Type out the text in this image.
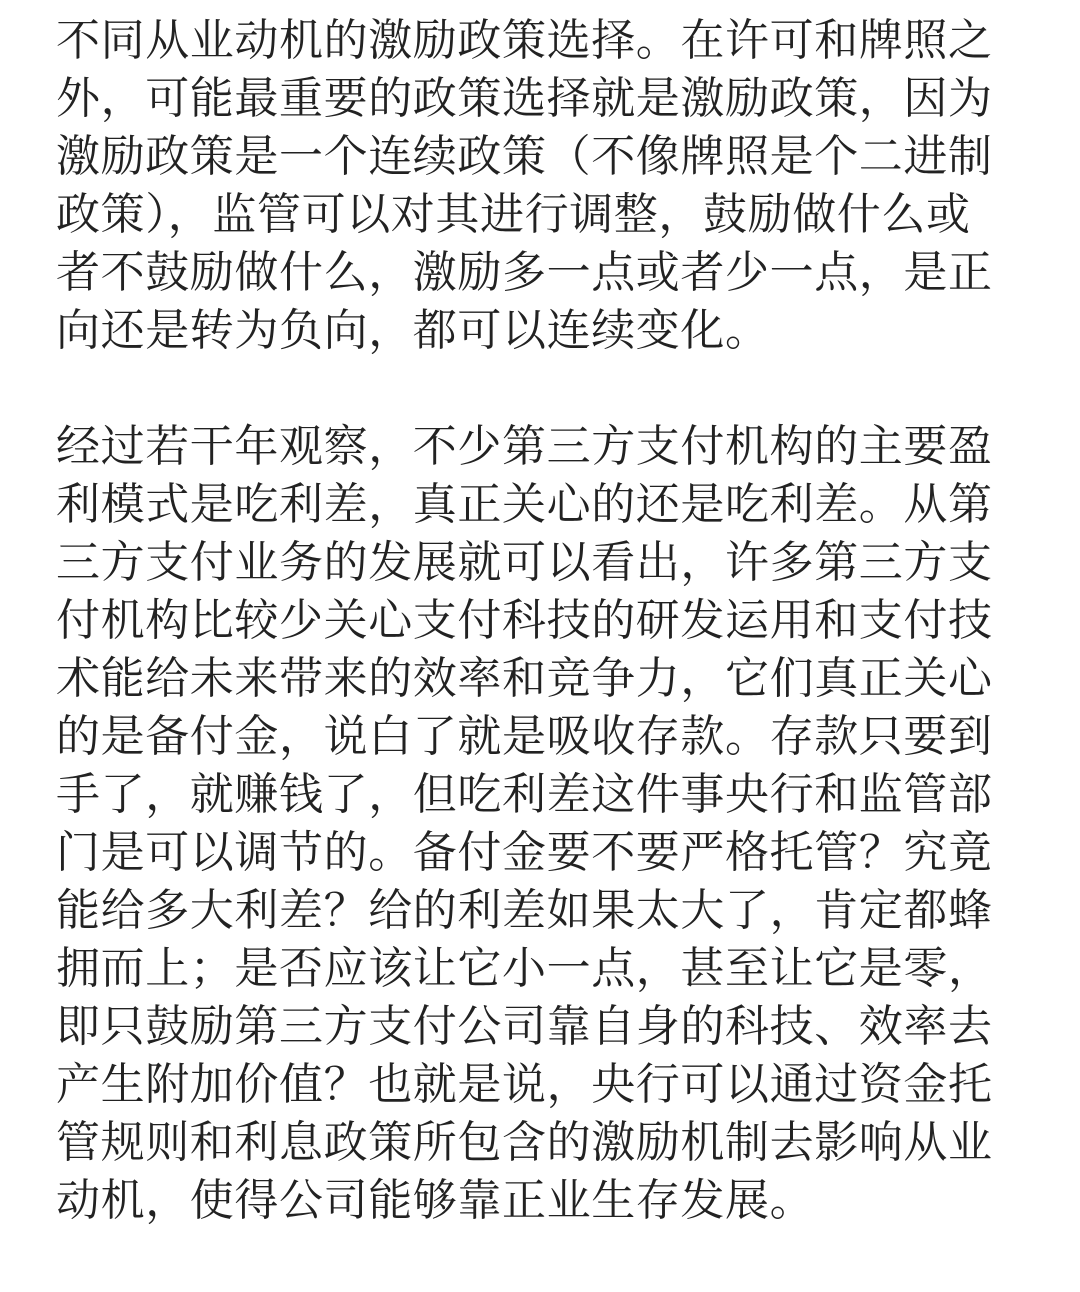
不同从业动机的激励政策选择。在许可和牌照之
外，可能最重要的政策选择就是激励政策，因为
激励政策是一个连续政策（不像牌照是个二进制
政策），监管可以对其进行调整，鼓励做什么或
者不鼓励做什么，激励多一点或者少一点，是正
向还是转为负向，都可以连续变化。
经过若干年观察，不少第三方支付机构的主要盈
利模式是吃利差，真正关心的还是吃利差。从第
三方支付业务的发展就可以看出，许多第三方支
付机构比较少关心支付科技的研发运用和支付技
术能给未来带来的效率和竞争力，它们真正关心
的是备付金，说白了就是吸收存款。存款只要到
手了，就赚钱了，但吃利差这件事央行和监管部
门是可以调节的。备付金要不要严格托管？究竟
能给多大利差？给的利差如果太大了，肯定都蜂
拥而上；是否应该让它小一点，甚至让它是零，
即只鼓励第三方支付公司靠自身的科技、效率去
产生附加价值？也就是说，央行可以通过资金托
管规则和利息政策所包含的激励机制去影响从业
动机，使得公司能够靠正业生存发展。
